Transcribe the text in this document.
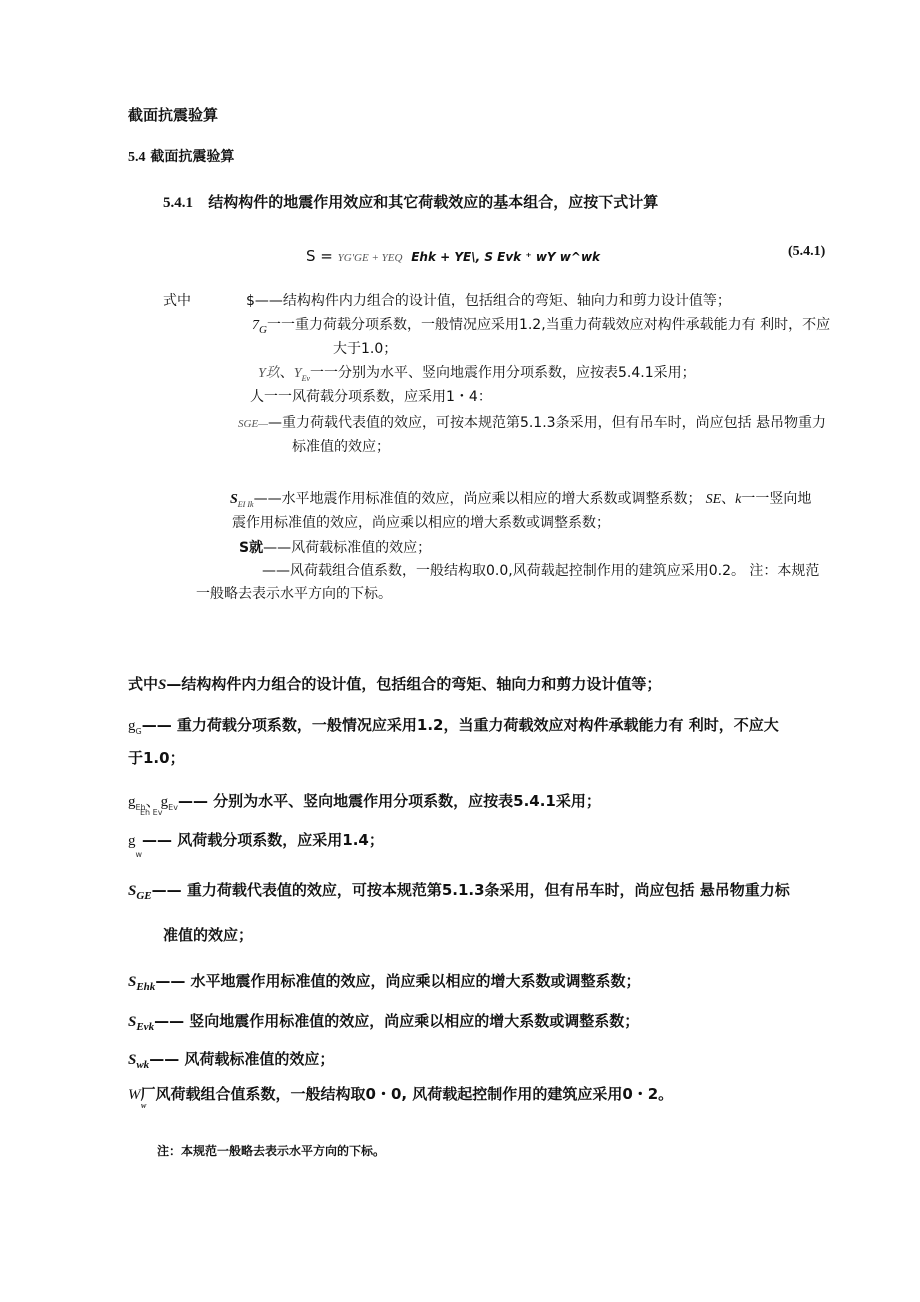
截面抗震验算
5.4 截面抗震验算
5.4.1 结构构件的地震作用效应和其它荷载效应的基本组合，应按下式计算
S = YG'GE + YEQ Ehk + YE\, S Evk ⁺ wY w^wk	(5.4.1)
式中	$——结构构件内力组合的设计值，包括组合的弯矩、轴向力和剪力设计值等；
$7_G$一一重力荷载分项系数，一般情况应采用1.2,当重力荷载效应对构件承载能力有 利时，不应
大于1.0；
Y玖、$Y_{Ev}$一一分别为水平、竖向地震作用分项系数，应按表5.4.1采用；
人一一风荷载分项系数，应采用1・4：
SGE——重力荷载代表值的效应，可按本规范第5.1.3条采用，但有吊车时，尚应包括 悬吊物重力
标准值的效应；
$S_{EI Ik}——$水平地震作用标准值的效应，尚应乘以相应的增大系数或调整系数； SE、k一一竖向地
震作用标准值的效应，尚应乘以相应的增大系数或调整系数；
S就——风荷载标准值的效应；
——风荷载组合值系数，一般结构取0.0,风荷载起控制作用的建筑应采用0.2。 注：本规范
一般略去表示水平方向的下标。
式中S—结构构件内力组合的设计值，包括组合的弯矩、轴向力和剪力设计值等；
$g_G——$ 重力荷载分项系数，一般情况应采用1.2，当重力荷载效应对构件承载能力有 利时，不应大
于1.0；
$g_{Eh}$、$g_{Ev}——$ 分别为水平、竖向地震作用分项系数，应按表5.4.1采用；
Eh Ev
$g_w——$ 风荷载分项系数，应采用1.4；
$S_{GE}——$ 重力荷载代表值的效应，可按本规范第5.1.3条采用，但有吊车时，尚应包括 悬吊物重力标
准值的效应；
$S_{Ehk}——$ 水平地震作用标准值的效应，尚应乘以相应的增大系数或调整系数；
$S_{Evk}——$ 竖向地震作用标准值的效应，尚应乘以相应的增大系数或调整系数；
$S_{wk}——$ 风荷载标准值的效应；
W厂风荷载组合值系数，一般结构取0・0, 风荷载起控制作用的建筑应采用0・2。
w
注：本规范一般略去表示水平方向的下标。
